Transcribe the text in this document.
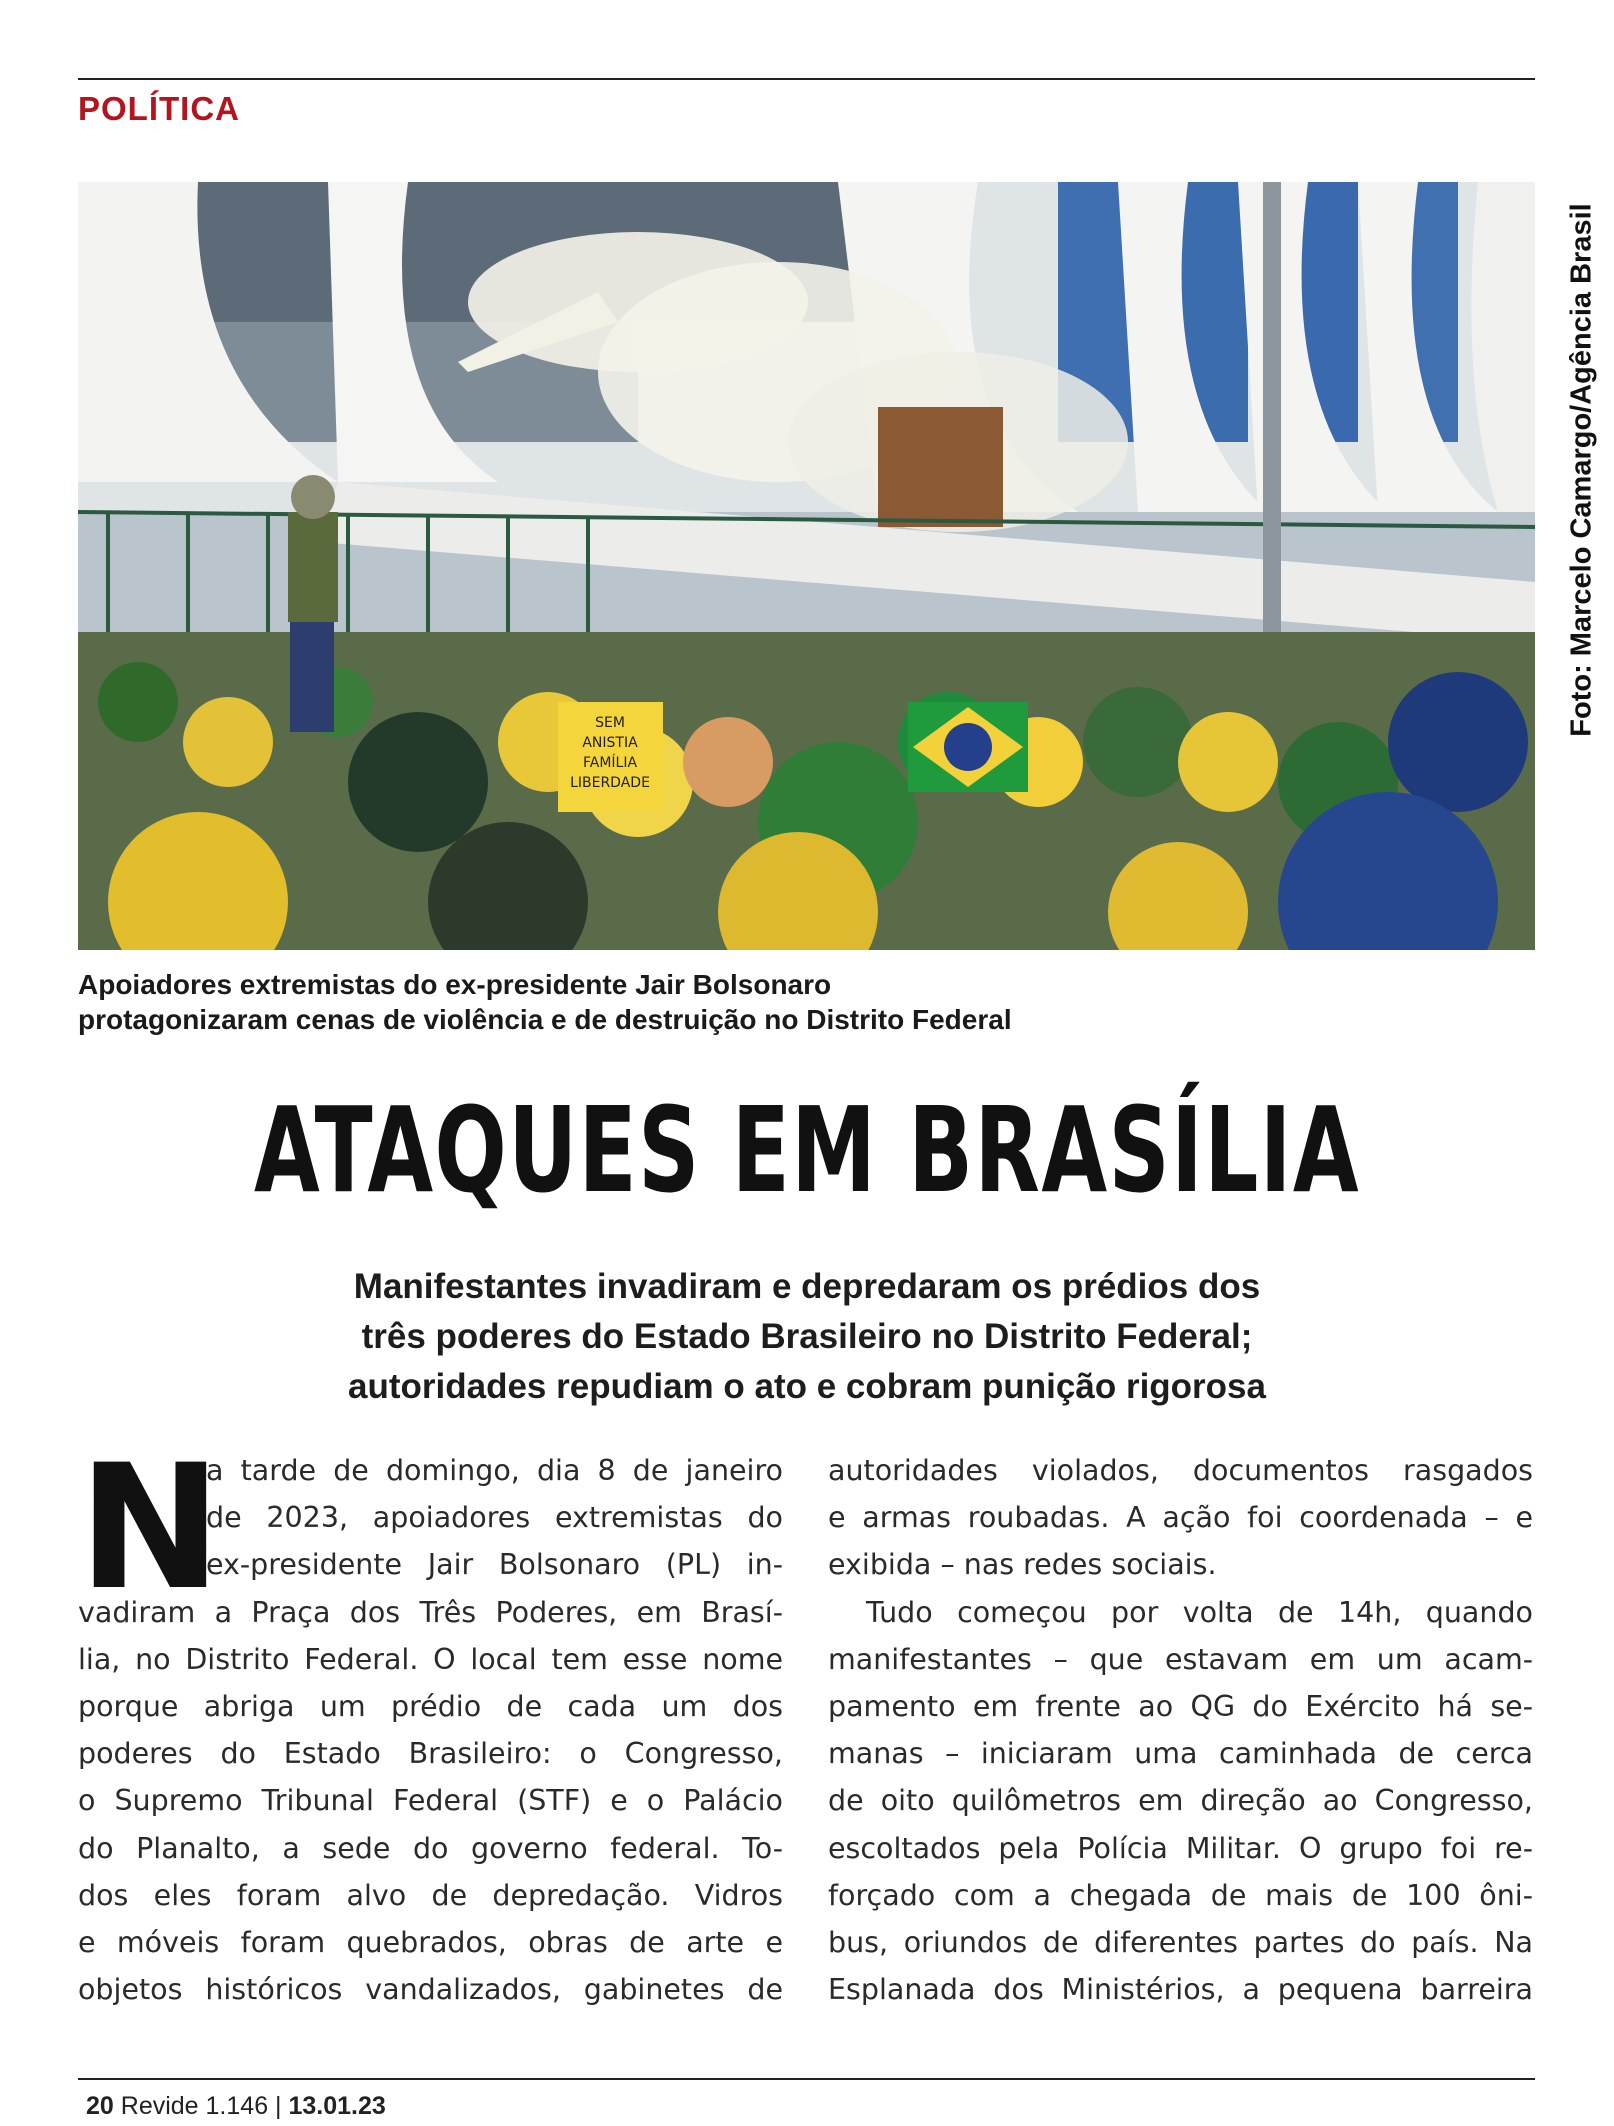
POLÍTICA
SEM
ANISTIA
FAMÍLIA
LIBERDADE
Foto: Marcelo Camargo/Agência Brasil
Apoiadores extremistas do ex-presidente Jair Bolsonaro
protagonizaram cenas de violência e de destruição no Distrito Federal
ATAQUES EM BRASÍLIA
Manifestantes invadiram e depredaram os prédios dos
três poderes do Estado Brasileiro no Distrito Federal;
autoridades repudiam o ato e cobram punição rigorosa
N
a tarde de domingo, dia 8 de janeiro
de 2023, apoiadores extremistas do
ex-presidente Jair Bolsonaro (PL) in-
vadiram a Praça dos Três Poderes, em Brasí-
lia, no Distrito Federal. O local tem esse nome
porque abriga um prédio de cada um dos
poderes do Estado Brasileiro: o Congresso,
o Supremo Tribunal Federal (STF) e o Palácio
do Planalto, a sede do governo federal. To-
dos eles foram alvo de depredação. Vidros
e móveis foram quebrados, obras de arte e
objetos históricos vandalizados, gabinetes de
autoridades violados, documentos rasgados
e armas roubadas. A ação foi coordenada – e
exibida – nas redes sociais.
Tudo começou por volta de 14h, quando
manifestantes – que estavam em um acam-
pamento em frente ao QG do Exército há se-
manas – iniciaram uma caminhada de cerca
de oito quilômetros em direção ao Congresso,
escoltados pela Polícia Militar. O grupo foi re-
forçado com a chegada de mais de 100 ôni-
bus, oriundos de diferentes partes do país. Na
Esplanada dos Ministérios, a pequena barreira
20 Revide 1.146 | 13.01.23
